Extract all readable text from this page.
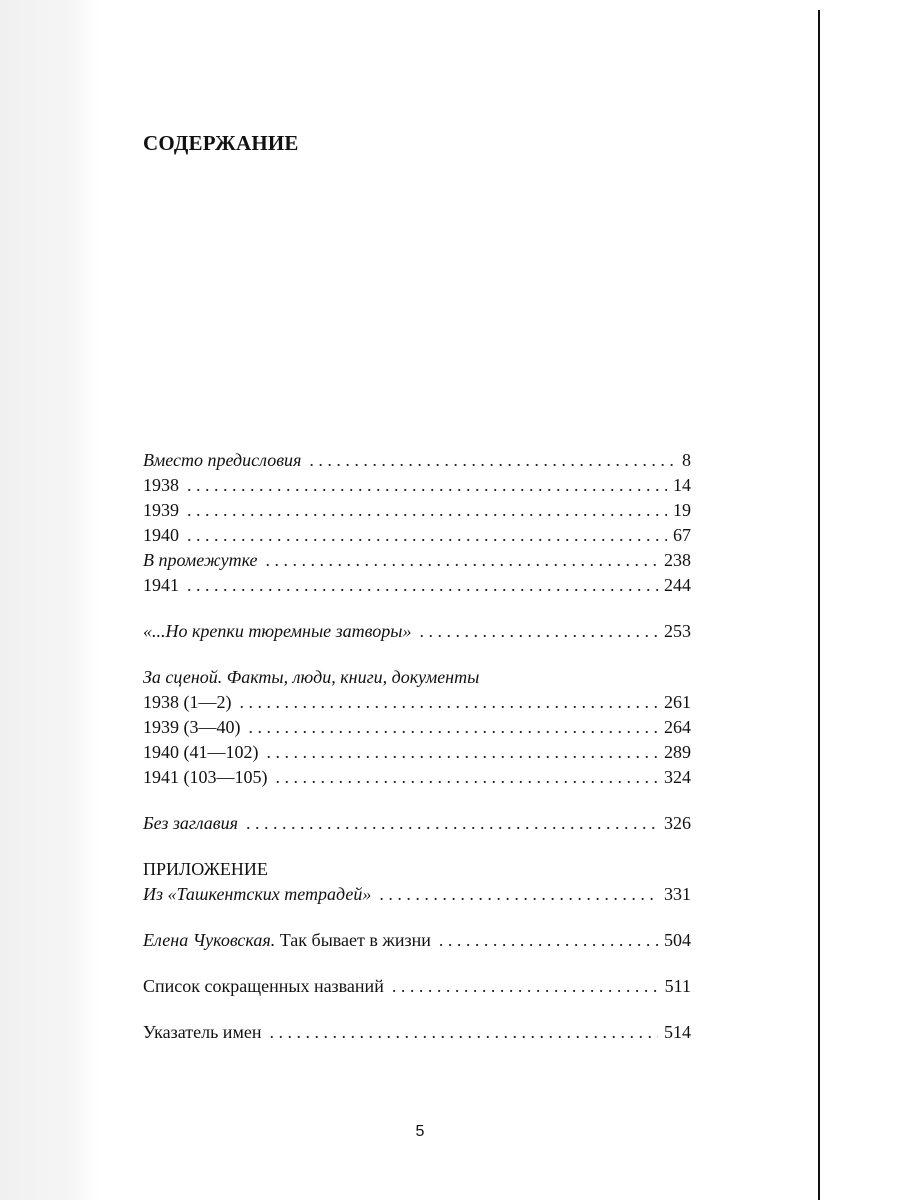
СОДЕРЖАНИЕ
Вместо предисловия . . .	8
1938 . . .	14
1939 . . .	19
1940 . . .	67
В промежутке . . .	238
1941 . . .	244
«...Но крепки тюремные затворы» . . .	253
За сценой. Факты, люди, книги, документы
1938 (1—2) . . .	261
1939 (3—40) . . .	264
1940 (41—102) . . .	289
1941 (103—105) . . .	324
Без заглавия . . .	326
ПРИЛОЖЕНИЕ
Из «Ташкентских тетрадей» . . .	331
Елена Чуковская. Так бывает в жизни . . .	504
Список сокращенных названий . . .	511
Указатель имен . . .	514
5
